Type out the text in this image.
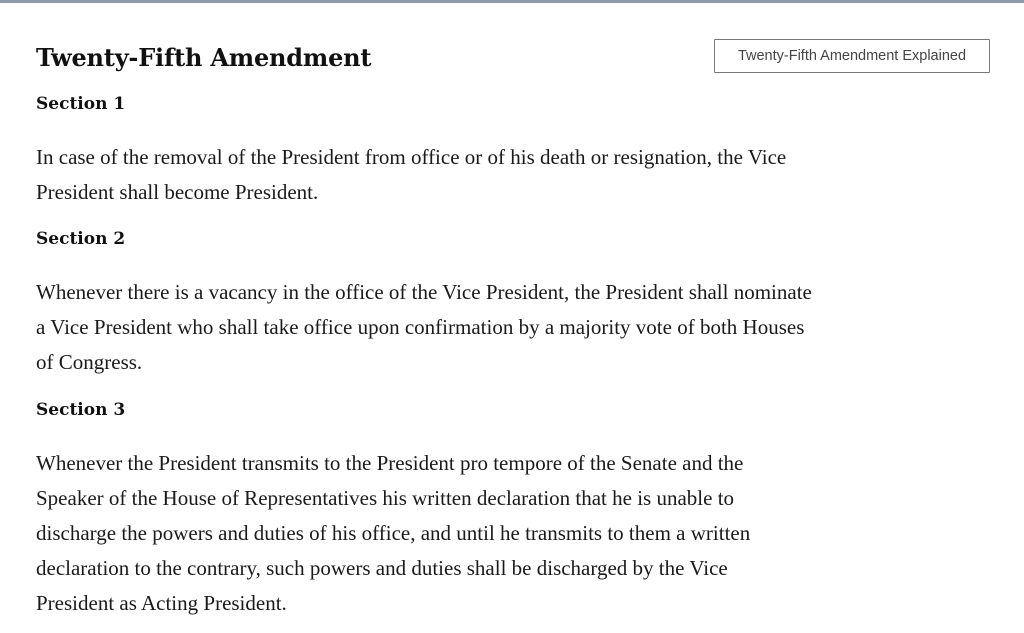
Twenty-Fifth Amendment	Twenty-Fifth Amendment Explained
Section 1

In case of the removal of the President from office or of his death or resignation, the Vice
President shall become President.

Section 2

Whenever there is a vacancy in the office of the Vice President, the President shall nominate
a Vice President who shall take office upon confirmation by a majority vote of both Houses
of Congress.

Section 3

Whenever the President transmits to the President pro tempore of the Senate and the
Speaker of the House of Representatives his written declaration that he is unable to
discharge the powers and duties of his office, and until he transmits to them a written
declaration to the contrary, such powers and duties shall be discharged by the Vice
President as Acting President.
